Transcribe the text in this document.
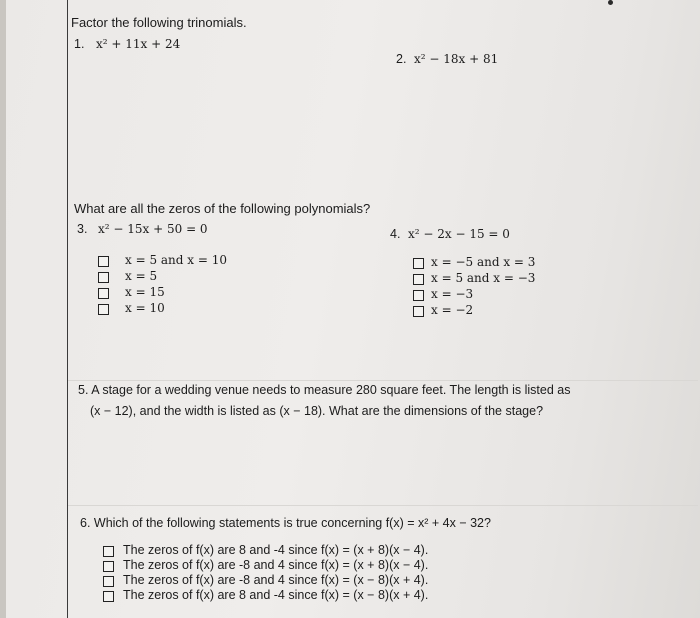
Factor the following trinomials.
1. x² + 11x + 24
2. x² − 18x + 81
What are all the zeros of the following polynomials?
3. x² − 15x + 50 = 0	4. x² − 2x − 15 = 0
x = 5 and x = 10
x = 5
x = 15
x = 10
x = −5 and x = 3
x = 5 and x = −3
x = −3
x = −2
5. A stage for a wedding venue needs to measure 280 square feet. The length is listed as
(x − 12), and the width is listed as (x − 18). What are the dimensions of the stage?
6. Which of the following statements is true concerning f(x) = x² + 4x − 32?
The zeros of f(x) are 8 and -4 since f(x) = (x + 8)(x − 4).
The zeros of f(x) are -8 and 4 since f(x) = (x + 8)(x − 4).
The zeros of f(x) are -8 and 4 since f(x) = (x − 8)(x + 4).
The zeros of f(x) are 8 and -4 since f(x) = (x − 8)(x + 4).
